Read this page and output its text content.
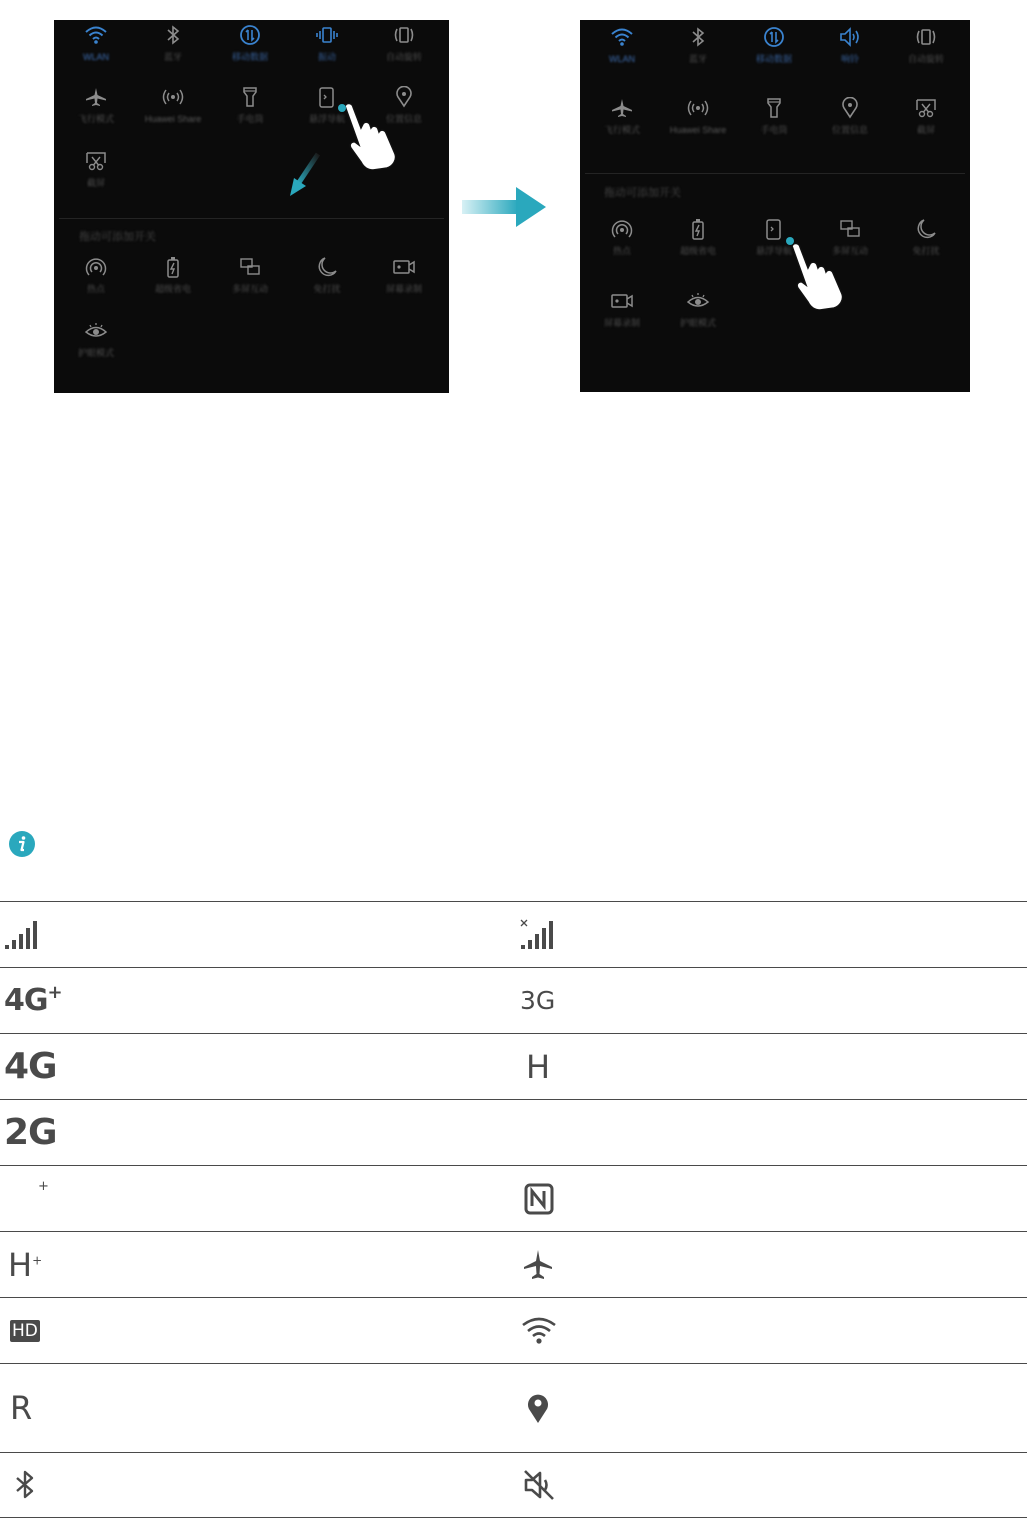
WLAN	蓝牙	移动数据	振动	自动旋转
飞行模式	Huawei Share	手电筒	悬浮导航	位置信息
截屏
拖动可添加开关
热点	超级省电	多屏互动	免打扰	屏幕录制
护眼模式
WLAN	蓝牙	移动数据	响铃	自动旋转
飞行模式	Huawei Share	手电筒	位置信息	截屏
拖动可添加开关
热点	超级省电	悬浮导航	多屏互动	免打扰
屏幕录制	护眼模式
4G+	3G
4G	H
2G
+
H+
HD
R
